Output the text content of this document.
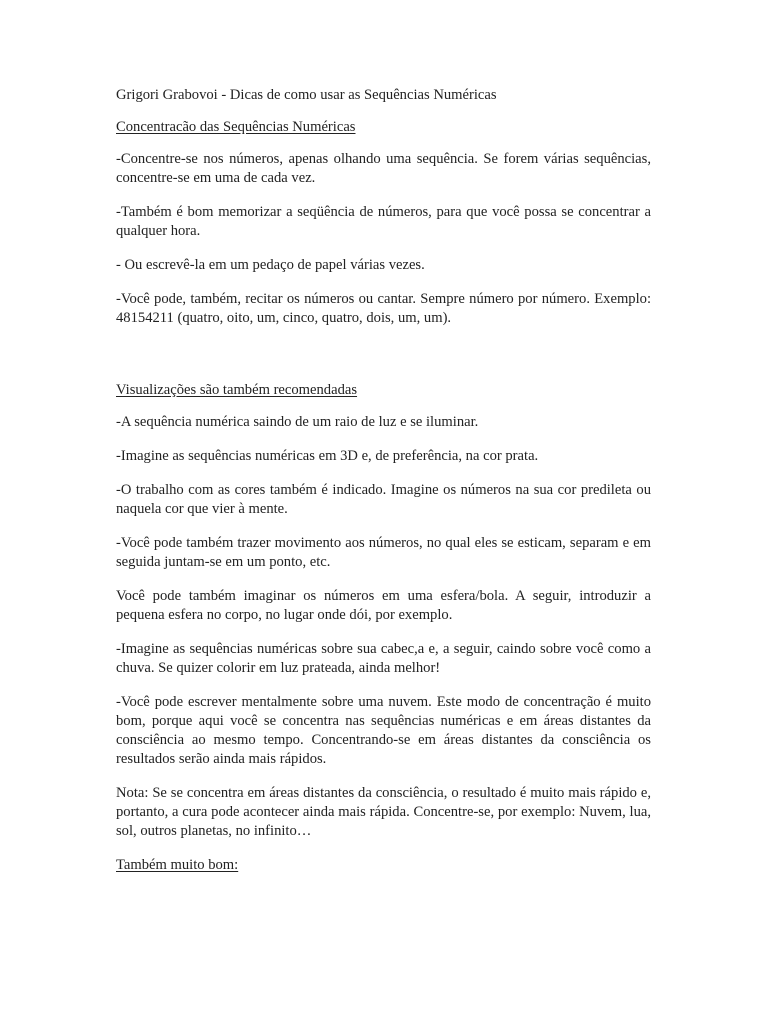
Grigori Grabovoi - Dicas de como usar as Sequências Numéricas
Concentracão das Sequências Numéricas

-Concentre-se nos números, apenas olhando uma sequência. Se forem várias sequências, concentre-se em uma de cada vez.

-Também é bom memorizar a seqüência de números, para que você possa se concentrar a qualquer hora.

- Ou escrevê-la em um pedaço de papel várias vezes.

-Você pode, também, recitar os números ou cantar. Sempre número por número. Exemplo: 48154211 (quatro, oito, um, cinco, quatro, dois, um, um).

Visualizações são também recomendadas

-A sequência numérica saindo de um raio de luz e se iluminar.

-Imagine as sequências numéricas em 3D e, de preferência, na cor prata.

-O trabalho com as cores também é indicado. Imagine os números na sua cor predileta ou naquela cor que vier à mente.

-Você pode também trazer movimento aos números, no qual eles se esticam, separam e em seguida juntam-se em um ponto, etc.

Você pode também imaginar os números em uma esfera/bola. A seguir, introduzir a pequena esfera no corpo, no lugar onde dói, por exemplo.

-Imagine as sequências numéricas sobre sua cabec,a e, a seguir, caindo sobre você como a chuva. Se quizer colorir em luz prateada, ainda melhor!

-Você pode escrever mentalmente sobre uma nuvem. Este modo de concentração é muito bom, porque aqui você se concentra nas sequências numéricas e em áreas distantes da consciência ao mesmo tempo. Concentrando-se em áreas distantes da consciência os resultados serão ainda mais rápidos.

Nota: Se se concentra em áreas distantes da consciência, o resultado é muito mais rápido e, portanto, a cura pode acontecer ainda mais rápida. Concentre-se, por exemplo: Nuvem, lua, sol, outros planetas, no infinito…

Também muito bom:
